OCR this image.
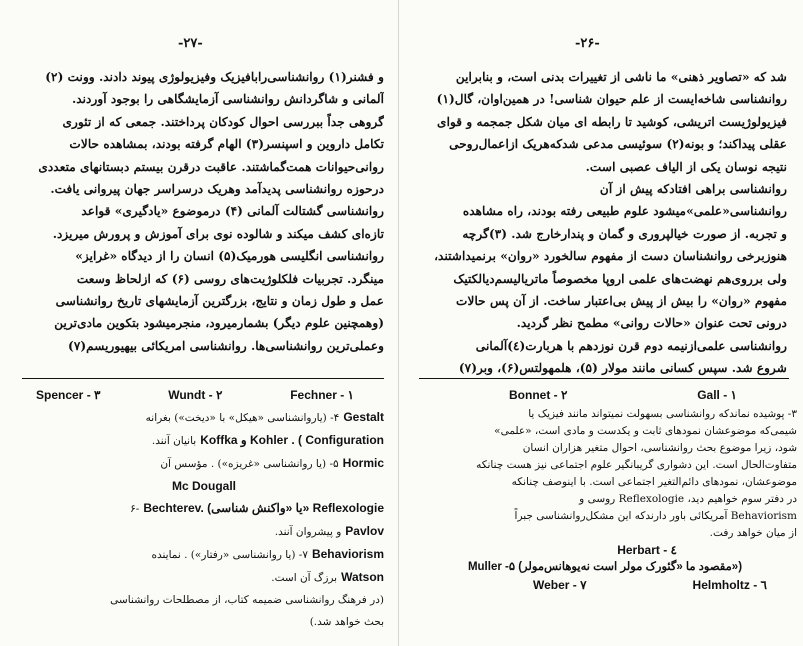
-۲۷-
و فشنر(۱) روانشناسی‌رابافیزیک وفیزیولوژی پیوند دادند. وونت (۲)
آلمانی و شاگردانش روانشناسی آزمایشگاهی را بوجود آوردند.
گروهی جداً ببررسی احوال کودکان پرداختند. جمعی که از تئوری
تکامل داروین و اسپنسر(۳) الهام گرفته بودند، بمشاهده حالات
روانی‌حیوانات همت‌گماشتند. عاقبت درقرن بیستم دبستانهای متعددی
درحوزه روانشناسی پدیدآمد وهریک درسراسر جهان پیروانی یافت.
روانشناسی گشتالت آلمانی (۴) درموضوع «یادگیری» قواعد
تازه‌ای کشف میکند و شالوده نوی برای آموزش و پرورش میریزد.
روانشناسی انگلیسی هورمیک(۵) انسان را از دیدگاه «غرایز»
مینگرد. تجربیات فلکلوژیت‌های روسی (۶) که ازلحاظ وسعت
عمل و طول زمان و نتایج، بزرگترین آزمایشهای تاریخ روانشناسی
(وهمچنین علوم دیگر) بشمارمیرود، منجرمیشود بتکوین مادی‌ترین
وعملی‌ترین روانشناسی‌ها. روانشناسی امریکائی بیهیوریسم(۷)
Spencer - ۳	Wundt - ۲	Fechner - ۱
۴- (یاروانشناسی «هیکل» با «دیخت») بغرانه Gestalt
بانیان آنند. Koffka و Kohler . ( Configuration
۵- (یا روانشناسی «غریزه») . مؤسس آن Hormic
Mc Dougall
-۶ Bechterev. (یا «واکنش شناسی» Reflexologie
و پیشروان آنند. Pavlov
۷- (یا روانشناسی «رفتار») . نماینده Behaviorism
برزگ آن است. Watson
(در فرهنگ روانشناسی ضمیمه کتاب، از مصطلحات روانشناسی
بحث خواهد شد.)
-۲۶-
شد که «تصاویر ذهنی» ما ناشی از تغییرات بدنی است، و بنابراین
روانشناسی شاخه‌ایست از علم حیوان شناسی! در همین‌اوان، گال(۱)
فیزیولوژیست اتریشی، کوشید تا رابطه ای میان شکل جمجمه و قوای
عقلی پیداکند؛ و بونه(۲) سوئیسی مدعی شدکه‌هریک ازاعمال‌روحی
نتیجه نوسان یکی از الیاف عصبی است.
روانشناسی براهی افتادکه پیش از آن
روانشناسی«علمی»میشود علوم طبیعی رفته بودند، راه مشاهده
و تجربه. از صورت خیالپروری و گمان و پندارخارج شد. (۳)گرچه
هنوزبرخی روانشناسان دست از مفهوم سالخورد «روان» برنمیداشتند،
ولی برروی‌هم نهضت‌های علمی اروپا مخصوصاً ماتریالیسم‌دیالکتیک
مفهوم «روان» را بیش از پیش بی‌اعتبار ساخت. از آن پس حالات
درونی تحت عنوان «حالات روانی» مطمح نظر گردید.
روانشناسی علمی‌ازنیمه دوم قرن نوزدهم با هربارت(٤)آلمانی
شروع شد. سپس کسانی مانند مولار (۵)، هلمهولتس(۶)، وبر(۷)
Bonnet - ۲	Gall - ۱
۳- پوشیده نماندکه روانشناسی بسهولت نمیتواند مانند فیزیک یا
شیمی‌که موضوعشان نمودهای ثابت و یکدست و مادی است، «علمی»
شود، زیرا موضوع بحث روانشناسی، احوال متغیر هزاران انسان
متفاوت‌الحال است. این دشواری گریبانگیر علوم اجتماعی نیز هست چنانکه
موضوعشان، نمودهای دائم‌التغیر اجتماعی است. با اینوصف چنانکه
در دفتر سوم خواهیم دید، Reflexologie روسی و
Behaviorism آمریکائی باور دارندکه این مشکل‌روانشناسی جبراً
از میان خواهد رفت.
Herbart - ٤
Muller -۵ (مقصود ما «گئورک مولر است نه‌یوهانس‌مولر»)
Weber - ۷	Helmholtz - ٦
